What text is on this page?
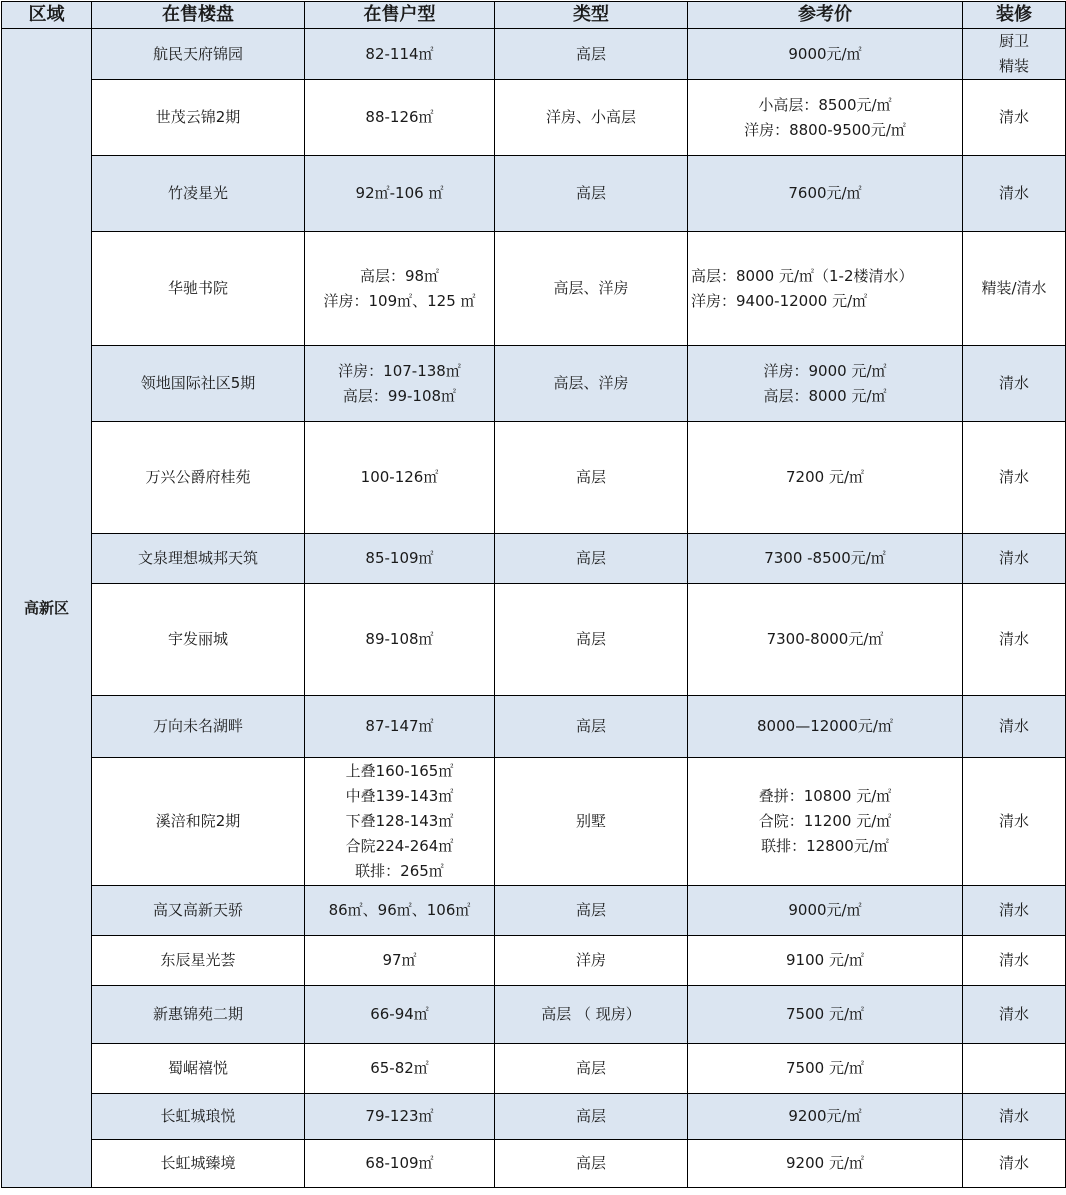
区域	在售楼盘	在售户型	类型	参考价	装修
高新区	航民天府锦园	82-114㎡	高层	9000元/㎡	厨卫
精装

	世茂云锦2期	88-126㎡	洋房、小高层	小高层：8500元/㎡
洋房：8800-9500元/㎡	清水

	竹凌星光	92㎡-106 ㎡	高层	7600元/㎡	清水

	华驰书院	高层：98㎡
洋房：109㎡、125 ㎡	高层、洋房	高层：8000 元/㎡（1-2楼清水）
洋房：9400-12000 元/㎡	精装/清水

	领地国际社区5期	洋房：107-138㎡
高层：99-108㎡	高层、洋房	洋房：9000 元/㎡
高层：8000 元/㎡	清水

	万兴公爵府桂苑	100-126㎡	高层	7200 元/㎡	清水

	文泉理想城邦天筑	85-109㎡	高层	7300 -8500元/㎡	清水

	宇发丽城	89-108㎡	高层	7300-8000元/㎡	清水

	万向未名湖畔	87-147㎡	高层	8000—12000元/㎡	清水

	溪涪和院2期	上叠160-165㎡
中叠139-143㎡
下叠128-143㎡
合院224-264㎡
联排：265㎡	别墅	叠拼：10800 元/㎡
合院：11200 元/㎡
联排：12800元/㎡	清水

	高又高新天骄	86㎡、96㎡、106㎡	高层	9000元/㎡	清水

	东辰星光荟	97㎡	洋房	9100 元/㎡	清水

	新惠锦苑二期	66-94㎡	高层 （ 现房）	7500 元/㎡	清水

	蜀崌禧悦	65-82㎡	高层	7500 元/㎡	

	长虹城琅悦	79-123㎡	高层	9200元/㎡	清水

	长虹城臻境	68-109㎡	高层	9200 元/㎡	清水
